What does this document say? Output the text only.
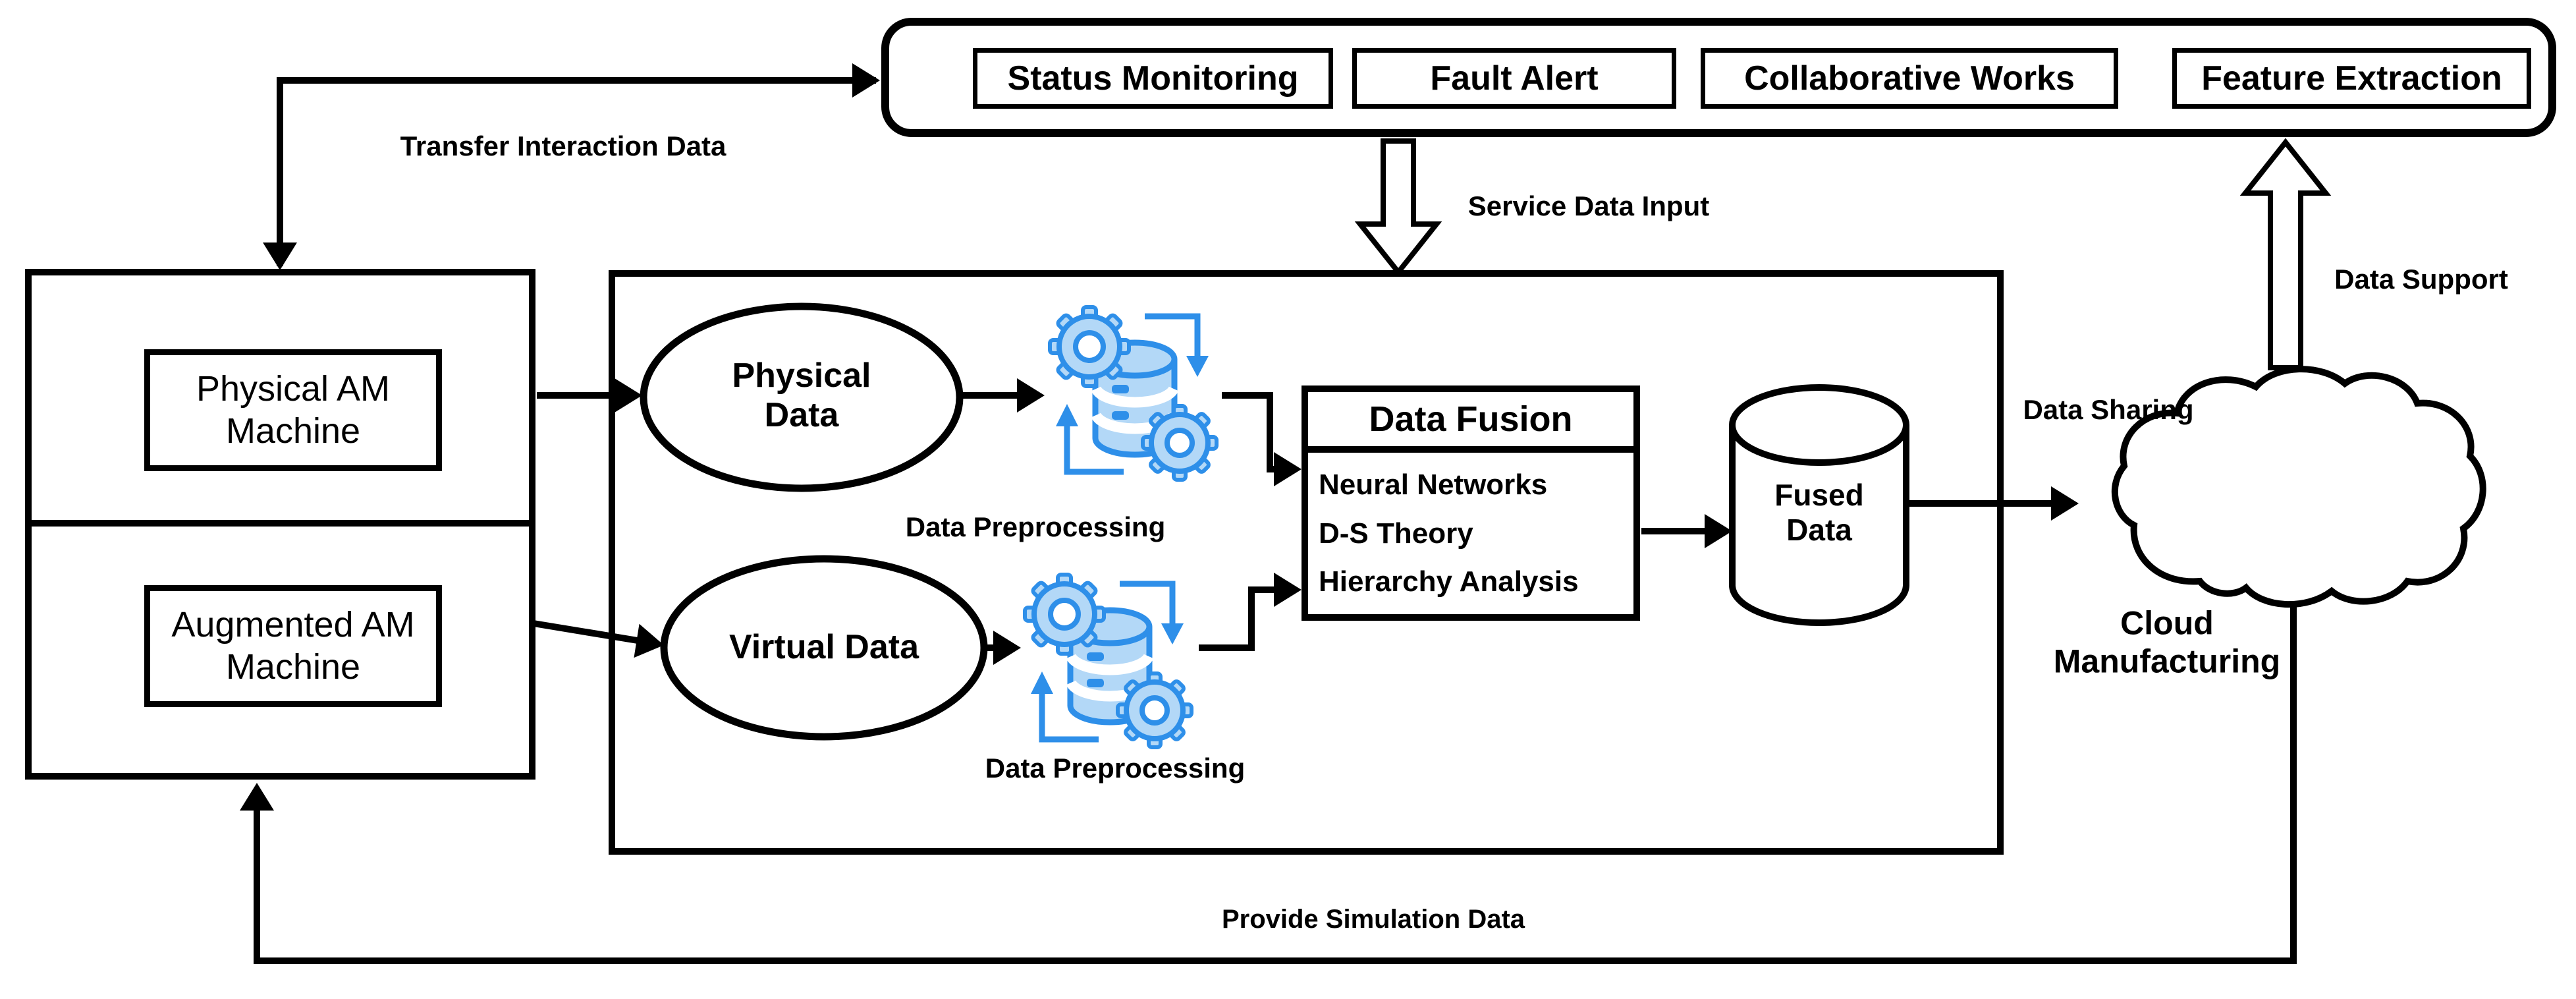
Status Monitoring	Fault Alert	Collaborative Works	Feature Extraction
Physical AM Machine
Augmented AM Machine
Data Fusion
Neural Networks
D-S Theory
Hierarchy Analysis
Physical Data
Virtual Data
Fused Data
Cloud Manufacturing
Transfer Interaction Data
Service Data Input
Data Sharing
Data Support
Provide Simulation Data
Data Preprocessing
Data Preprocessing
